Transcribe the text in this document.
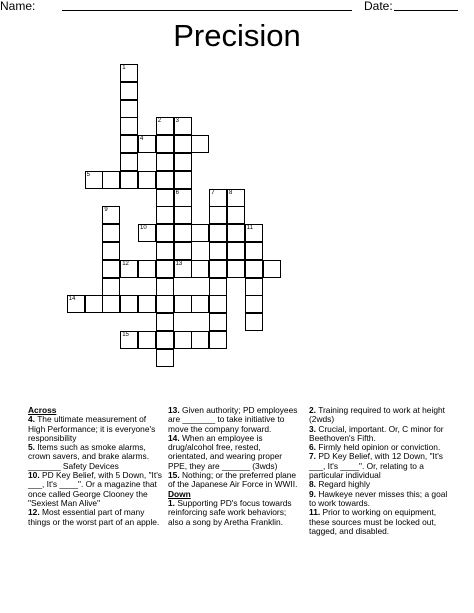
Name:	Date:
Precision
1
2 3
4
5
6	7 8
9
10	11
12	13
14
15
Across
4. The ultimate measurement of High Performance; it is everyone's responsibility
5. Items such as smoke alarms, crown savers, and brake alarms. _______ Safety Devices
10. PD Key Belief, with 5 Down, "It's ___, It's ____". Or a magazine that once called George Clooney the "Sexiest Man Alive"
12. Most essential part of many things or the worst part of an apple.
13. Given authority; PD employees are _______ to take initiative to move the company forward.
14. When an employee is drug/alcohol free, rested, orientated, and wearing proper PPE, they are ______ (3wds)
15. Nothing; or the preferred plane of the Japanese Air Force in WWII.
Down
1. Supporting PD's focus towards reinforcing safe work behaviors; also a song by Aretha Franklin.
2. Training required to work at height (2wds)
3. Crucial, important. Or, C minor for Beethoven's Fifth.
6. Firmly held opinion or conviction.
7. PD Key Belief, with 12 Down, "It's ___, It's ____". Or, relating to a particular individual
8. Regard highly
9. Hawkeye never misses this; a goal to work towards.
11. Prior to working on equipment, these sources must be locked out, tagged, and disabled.
